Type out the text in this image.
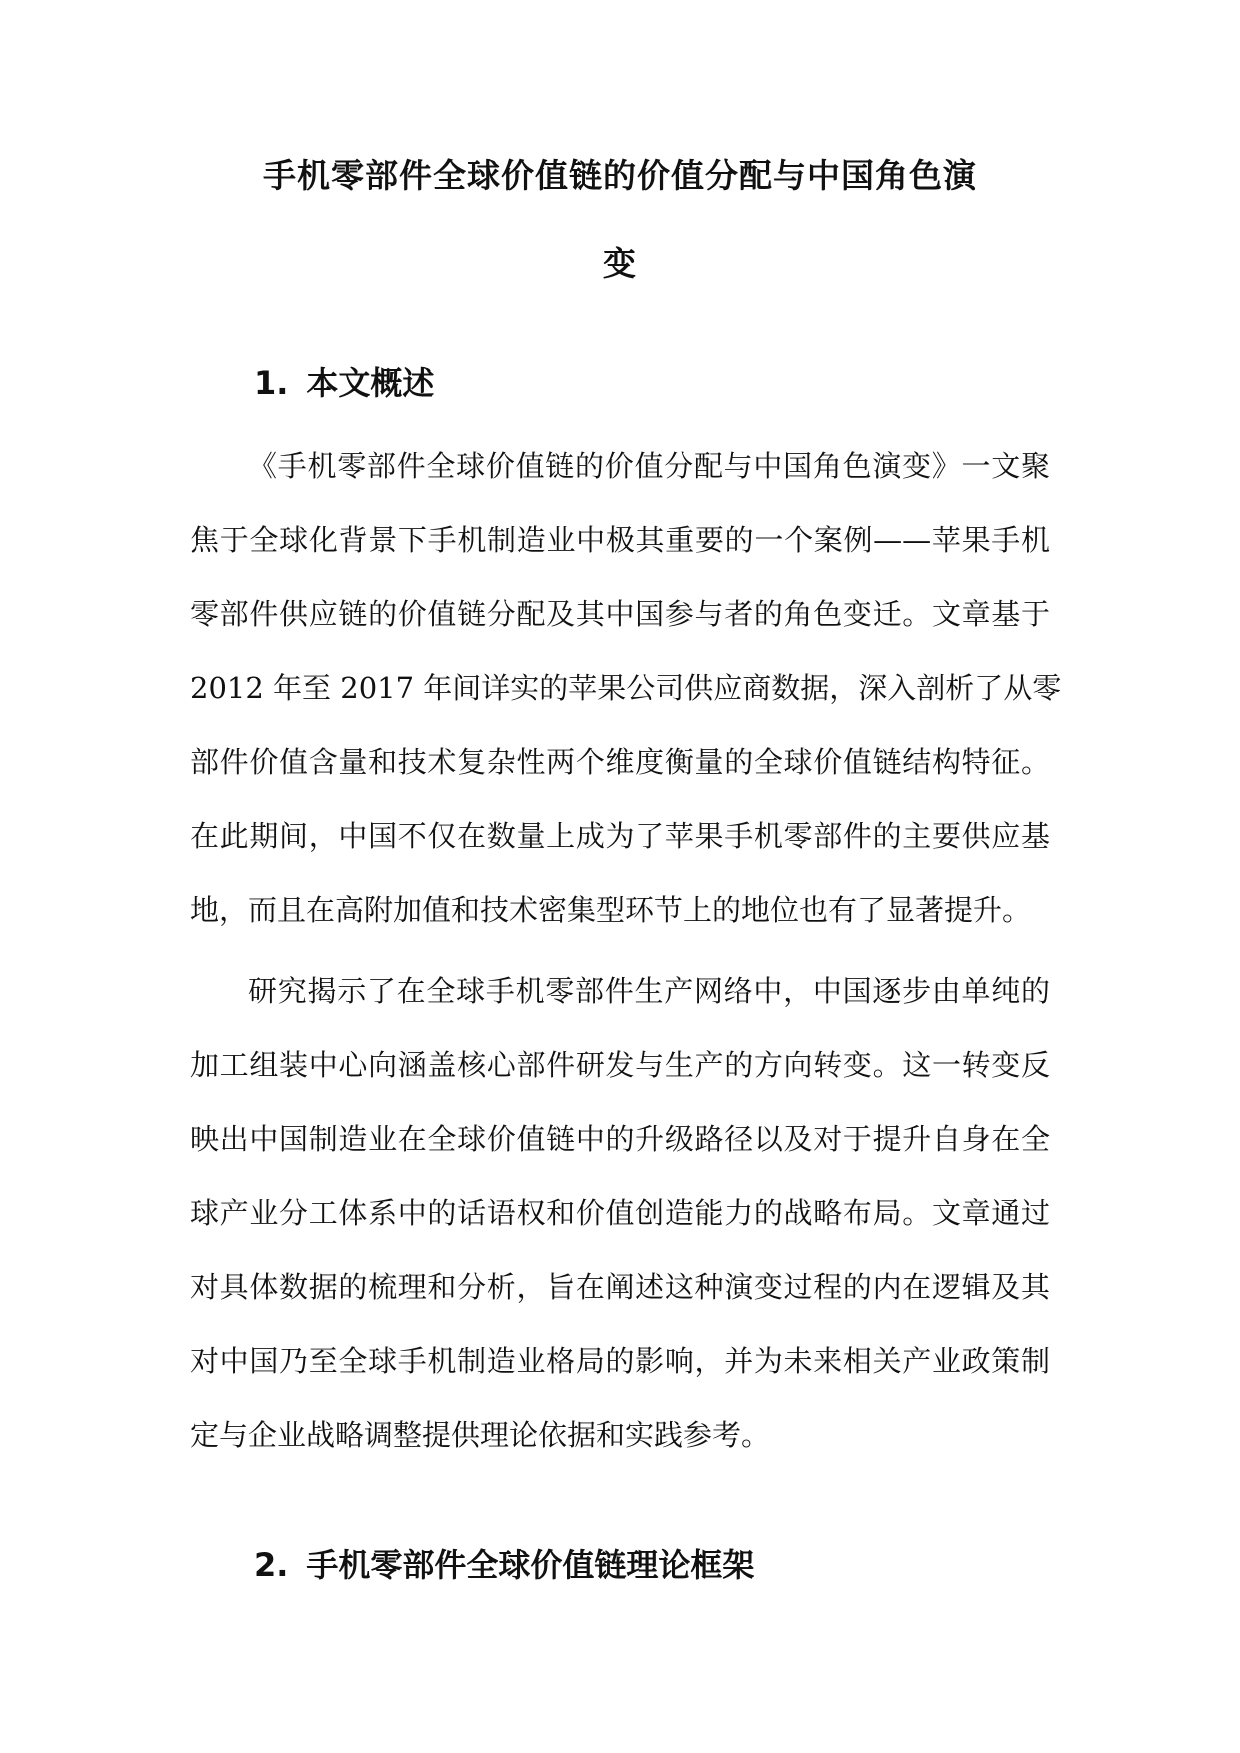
手机零部件全球价值链的价值分配与中国角色演
变
1. 本文概述

《手机零部件全球价值链的价值分配与中国角色演变》一文聚
焦于全球化背景下手机制造业中极其重要的一个案例——苹果手机
零部件供应链的价值链分配及其中国参与者的角色变迁。文章基于
2012 年至 2017 年间详实的苹果公司供应商数据，深入剖析了从零
部件价值含量和技术复杂性两个维度衡量的全球价值链结构特征。
在此期间，中国不仅在数量上成为了苹果手机零部件的主要供应基
地，而且在高附加值和技术密集型环节上的地位也有了显著提升。

研究揭示了在全球手机零部件生产网络中，中国逐步由单纯的
加工组装中心向涵盖核心部件研发与生产的方向转变。这一转变反
映出中国制造业在全球价值链中的升级路径以及对于提升自身在全
球产业分工体系中的话语权和价值创造能力的战略布局。文章通过
对具体数据的梳理和分析，旨在阐述这种演变过程的内在逻辑及其
对中国乃至全球手机制造业格局的影响，并为未来相关产业政策制
定与企业战略调整提供理论依据和实践参考。

2. 手机零部件全球价值链理论框架
